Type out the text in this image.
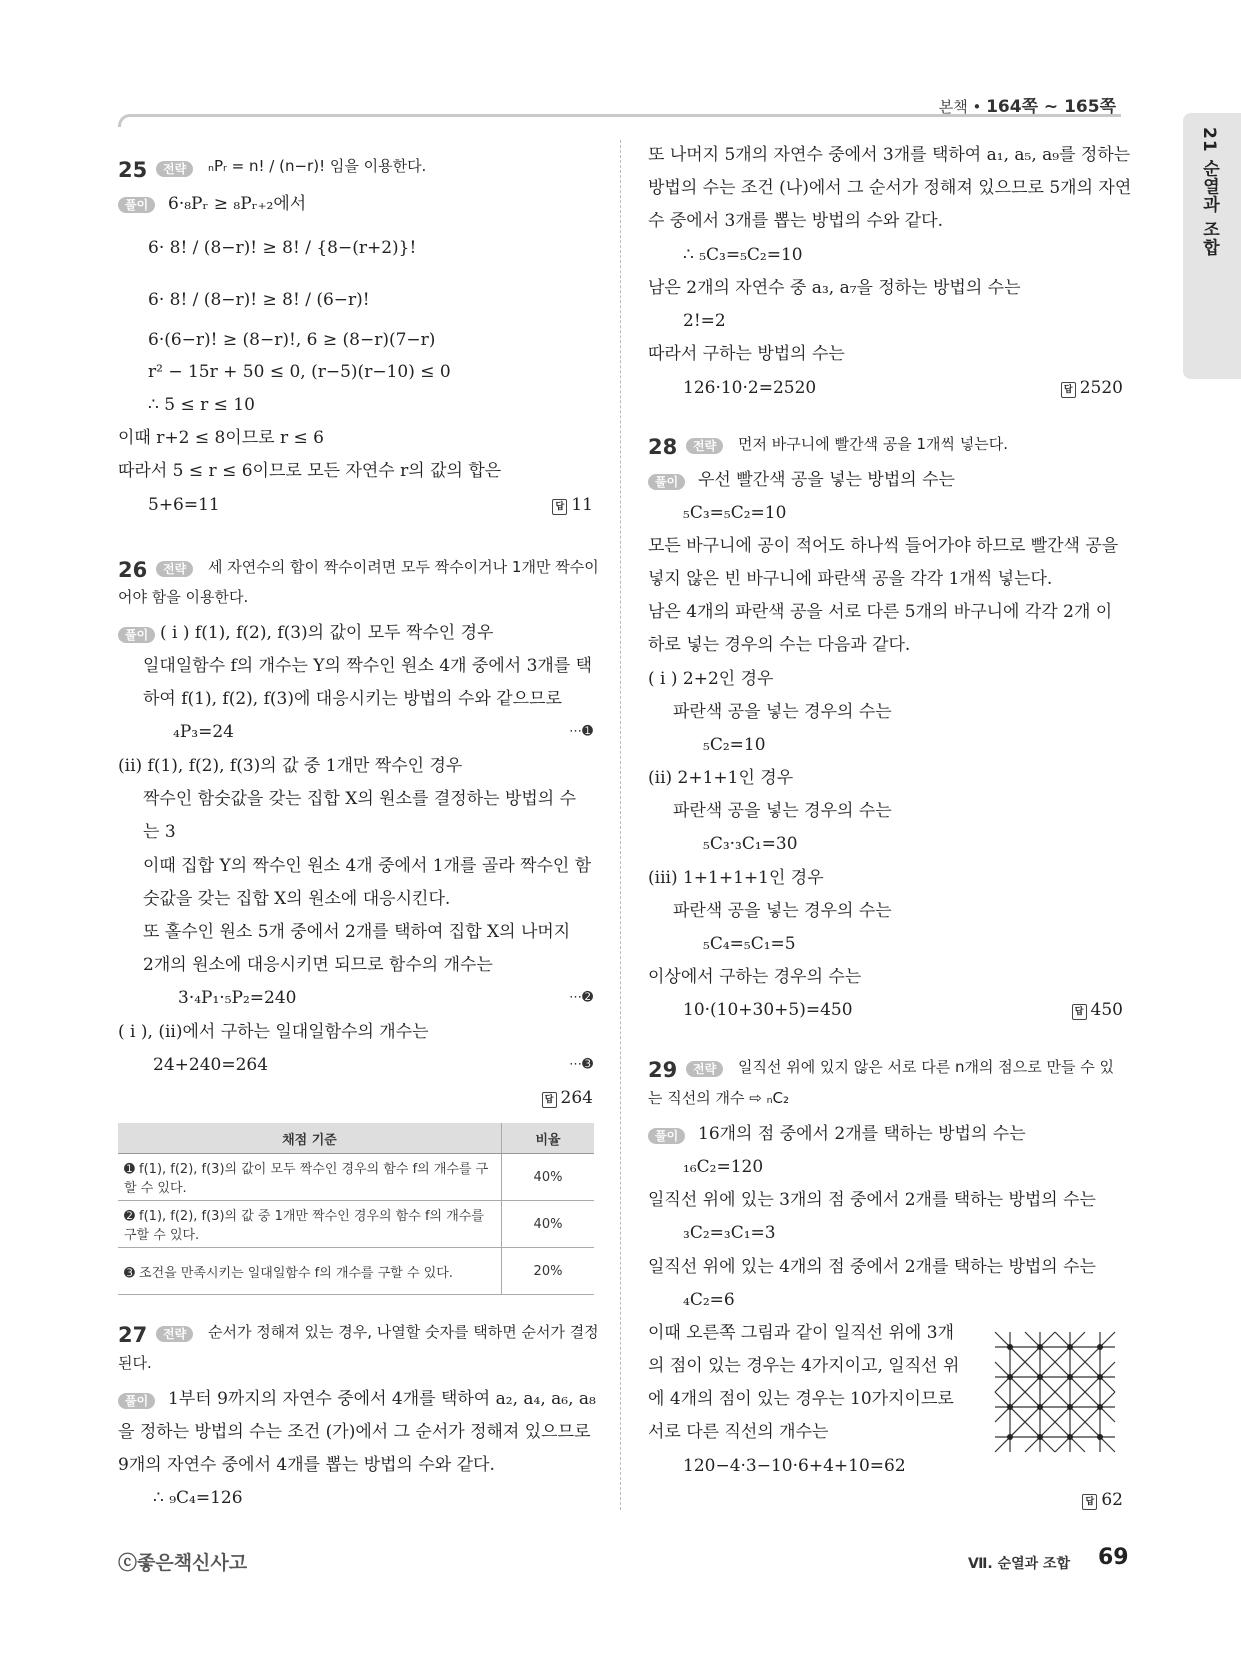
본책 • 164쪽 ~ 165쪽
21 순열과 조합
25	전략	ₙPᵣ = n! / (n−r)! 임을 이용한다.
풀이	6·₈Pᵣ ≥ ₈Pᵣ₊₂에서
6· 8! / (8−r)! ≥ 8! / {8−(r+2)}!
6· 8! / (8−r)! ≥ 8! / (6−r)!
6·(6−r)! ≥ (8−r)!, 6 ≥ (8−r)(7−r)
r² − 15r + 50 ≤ 0, (r−5)(r−10) ≤ 0
∴ 5 ≤ r ≤ 10
이때 r+2 ≤ 8이므로 r ≤ 6
따라서 5 ≤ r ≤ 6이므로 모든 자연수 r의 값의 합은
5+6=11
26	전략	세 자연수의 합이 짝수이려면 모두 짝수이거나 1개만 짝수이
어야 함을 이용한다.
풀이 ( i ) f(1), f(2), f(3)의 값이 모두 짝수인 경우
일대일함수 f의 개수는 Y의 짝수인 원소 4개 중에서 3개를 택
하여 f(1), f(2), f(3)에 대응시키는 방법의 수와 같으므로
₄P₃=24
(ii) f(1), f(2), f(3)의 값 중 1개만 짝수인 경우
짝수인 함숫값을 갖는 집합 X의 원소를 결정하는 방법의 수
는 3
이때 집합 Y의 짝수인 원소 4개 중에서 1개를 골라 짝수인 함
숫값을 갖는 집합 X의 원소에 대응시킨다.
또 홀수인 원소 5개 중에서 2개를 택하여 집합 X의 나머지
2개의 원소에 대응시키면 되므로 함수의 개수는
3·₄P₁·₅P₂=240
( i ), (ii)에서 구하는 일대일함수의 개수는
24+240=264
27	전략	순서가 정해져 있는 경우, 나열할 숫자를 택하면 순서가 결정
된다.
풀이	1부터 9까지의 자연수 중에서 4개를 택하여 a₂, a₄, a₆, a₈
을 정하는 방법의 수는 조건 (가)에서 그 순서가 정해져 있으므로
9개의 자연수 중에서 4개를 뽑는 방법의 수와 같다.
∴ ₉C₄=126
답 11
답 264
⋯➊
⋯➋
⋯➌
또 나머지 5개의 자연수 중에서 3개를 택하여 a₁, a₅, a₉를 정하는
방법의 수는 조건 (나)에서 그 순서가 정해져 있으므로 5개의 자연
수 중에서 3개를 뽑는 방법의 수와 같다.
∴ ₅C₃=₅C₂=10
남은 2개의 자연수 중 a₃, a₇을 정하는 방법의 수는
2!=2
따라서 구하는 방법의 수는
126·10·2=2520
28	전략	먼저 바구니에 빨간색 공을 1개씩 넣는다.
풀이	우선 빨간색 공을 넣는 방법의 수는
₅C₃=₅C₂=10
모든 바구니에 공이 적어도 하나씩 들어가야 하므로 빨간색 공을
넣지 않은 빈 바구니에 파란색 공을 각각 1개씩 넣는다.
남은 4개의 파란색 공을 서로 다른 5개의 바구니에 각각 2개 이
하로 넣는 경우의 수는 다음과 같다.
( i ) 2+2인 경우
파란색 공을 넣는 경우의 수는
₅C₂=10
(ii) 2+1+1인 경우
파란색 공을 넣는 경우의 수는
₅C₃·₃C₁=30
(iii) 1+1+1+1인 경우
파란색 공을 넣는 경우의 수는
₅C₄=₅C₁=5
이상에서 구하는 경우의 수는
10·(10+30+5)=450
29	전략	일직선 위에 있지 않은 서로 다른 n개의 점으로 만들 수 있
는 직선의 개수 ⇨ ₙC₂
풀이	16개의 점 중에서 2개를 택하는 방법의 수는
₁₆C₂=120
일직선 위에 있는 3개의 점 중에서 2개를 택하는 방법의 수는
₃C₂=₃C₁=3
일직선 위에 있는 4개의 점 중에서 2개를 택하는 방법의 수는
₄C₂=6
이때 오른쪽 그림과 같이 일직선 위에 3개
의 점이 있는 경우는 4가지이고, 일직선 위
에 4개의 점이 있는 경우는 10가지이므로
서로 다른 직선의 개수는
120−4·3−10·6+4+10=62
답 2520
답 450
답 62
채점 기준	비율
➊ f(1), f(2), f(3)의 값이 모두 짝수인 경우의 함수 f의 개수를 구할 수 있다.	40%
➋ f(1), f(2), f(3)의 값 중 1개만 짝수인 경우의 함수 f의 개수를 구할 수 있다.	40%
➌ 조건을 만족시키는 일대일함수 f의 개수를 구할 수 있다.	20%
ⓒ좋은책신사고	Ⅶ. 순열과 조합 69
